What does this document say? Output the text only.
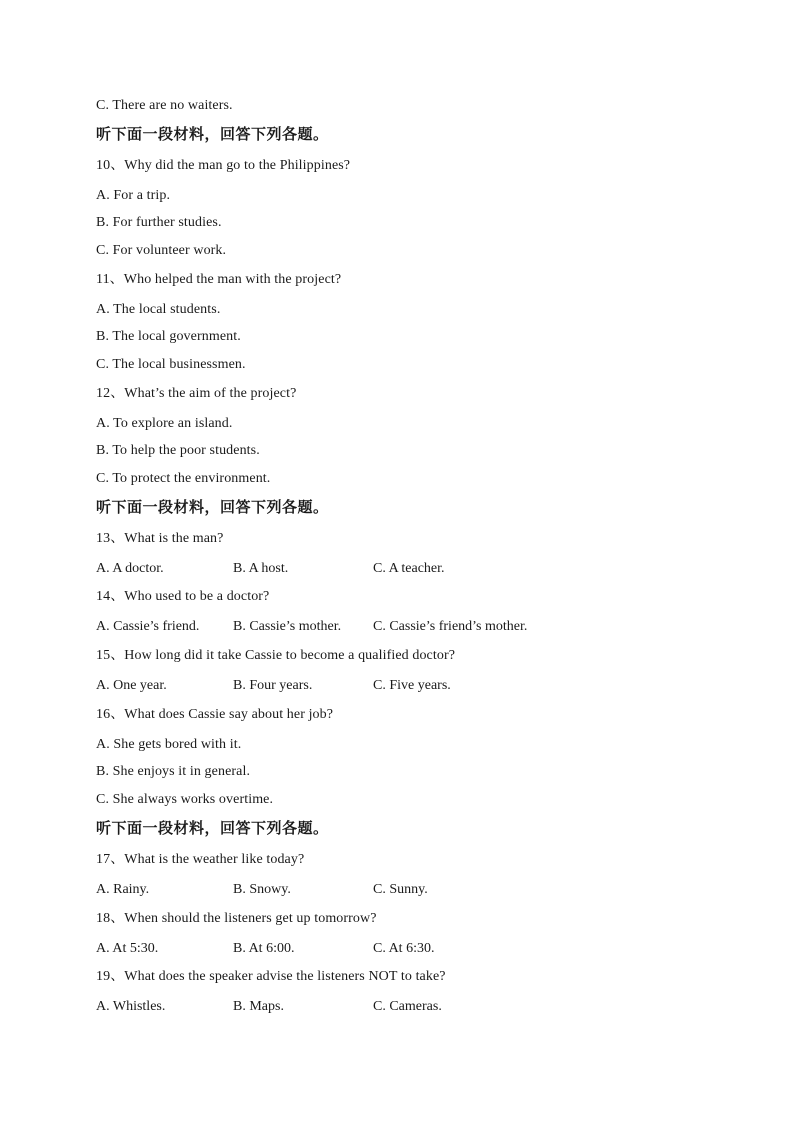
C. There are no waiters.
听下面一段材料，回答下列各题。
10、Why did the man go to the Philippines?
A. For a trip.
B. For further studies.
C. For volunteer work.
11、Who helped the man with the project?
A. The local students.
B. The local government.
C. The local businessmen.
12、What’s the aim of the project?
A. To explore an island.
B. To help the poor students.
C. To protect the environment.
听下面一段材料，回答下列各题。
13、What is the man?
A. A doctor.	B. A host.	C. A teacher.
14、Who used to be a doctor?
A. Cassie’s friend. B. Cassie’s mother. C. Cassie’s friend’s mother.
15、How long did it take Cassie to become a qualified doctor?
A. One year.	B. Four years.	C. Five years.
16、What does Cassie say about her job?
A. She gets bored with it.
B. She enjoys it in general.
C. She always works overtime.
听下面一段材料，回答下列各题。
17、What is the weather like today?
A. Rainy.	B. Snowy.	C. Sunny.
18、When should the listeners get up tomorrow?
A. At 5:30.	B. At 6:00.	C. At 6:30.
19、What does the speaker advise the listeners NOT to take?
A. Whistles.	B. Maps.	C. Cameras.
